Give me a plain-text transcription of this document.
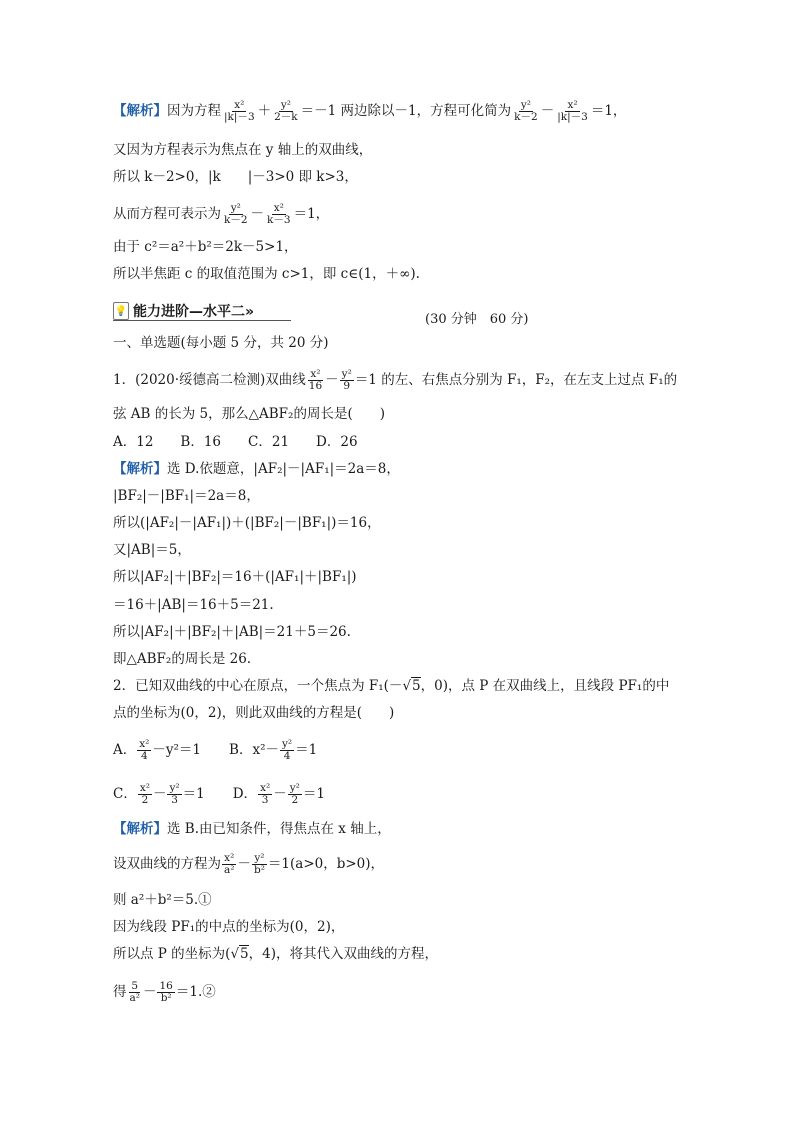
【解析】因为方程 $\frac{\text{x²}}{|k|-3} + \frac{\text{y²}}{2-k} =-1$ 两边除以－1，方程可化简为 $\frac{\text{y²}}{k-2} - \frac{\text{x²}}{|k|-3} =1$，
又因为方程表示为焦点在 y 轴上的双曲线，
所以 k－2>0，|k　　|－3>0 即 k>3，
从而方程可表示为 $\frac{\text{y²}}{k-2} - \frac{\text{x²}}{k-3} =1$，
由于 c²＝a²＋b²＝2k－5>1，
所以半焦距 c 的取值范围为 c>1，即 c∈(1，＋∞).
💡 能力进阶—水平二»	(30 分钟　60 分)
一、单选题(每小题 5 分，共 20 分)
1．(2020·绥德高二检测)双曲线 $\frac{\text{x²}}{16} - \frac{\text{y²}}{9} =1$ 的左、右焦点分别为 F₁，F₂，在左支上过点 F₁的
弦 AB 的长为 5，那么△ABF₂的周长是(　　)
A．12　　B．16　　C．21　　D．26
【解析】选 D.依题意，|AF₂|－|AF₁|＝2a＝8，
|BF₂|－|BF₁|＝2a＝8，
所以(|AF₂|－|AF₁|)＋(|BF₂|－|BF₁|)＝16，
又|AB|＝5，
所以|AF₂|＋|BF₂|＝16＋(|AF₁|＋|BF₁|)
＝16＋|AB|＝16＋5＝21.
所以|AF₂|＋|BF₂|＋|AB|＝21＋5＝26.
即△ABF₂的周长是 26.
2．已知双曲线的中心在原点，一个焦点为 F₁(－√5，0)，点 P 在双曲线上，且线段 PF₁的中
点的坐标为(0，2)，则此双曲线的方程是(　　)
A． $\frac{\text{x²}}{4} -y^2=1$ B．$x^2- \frac{\text{y²}}{4} =1$
C． $\frac{\text{x²}}{2} - \frac{\text{y²}}{3} =1$ D． $\frac{\text{x²}}{3} - \frac{\text{y²}}{2} =1$
【解析】选 B.由已知条件，得焦点在 x 轴上，
设双曲线的方程为 $\frac{\text{x²}}{\text{a²}} - \frac{\text{y²}}{\text{b²}} =1(a>0$，b>0)，
则 a²＋b²＝5.①
因为线段 PF₁的中点的坐标为(0，2)，
所以点 P 的坐标为(√5，4)，将其代入双曲线的方程，
得 $\frac{5}{\text{a²}} - \frac{16}{\text{b²}}$ ＝1.②
